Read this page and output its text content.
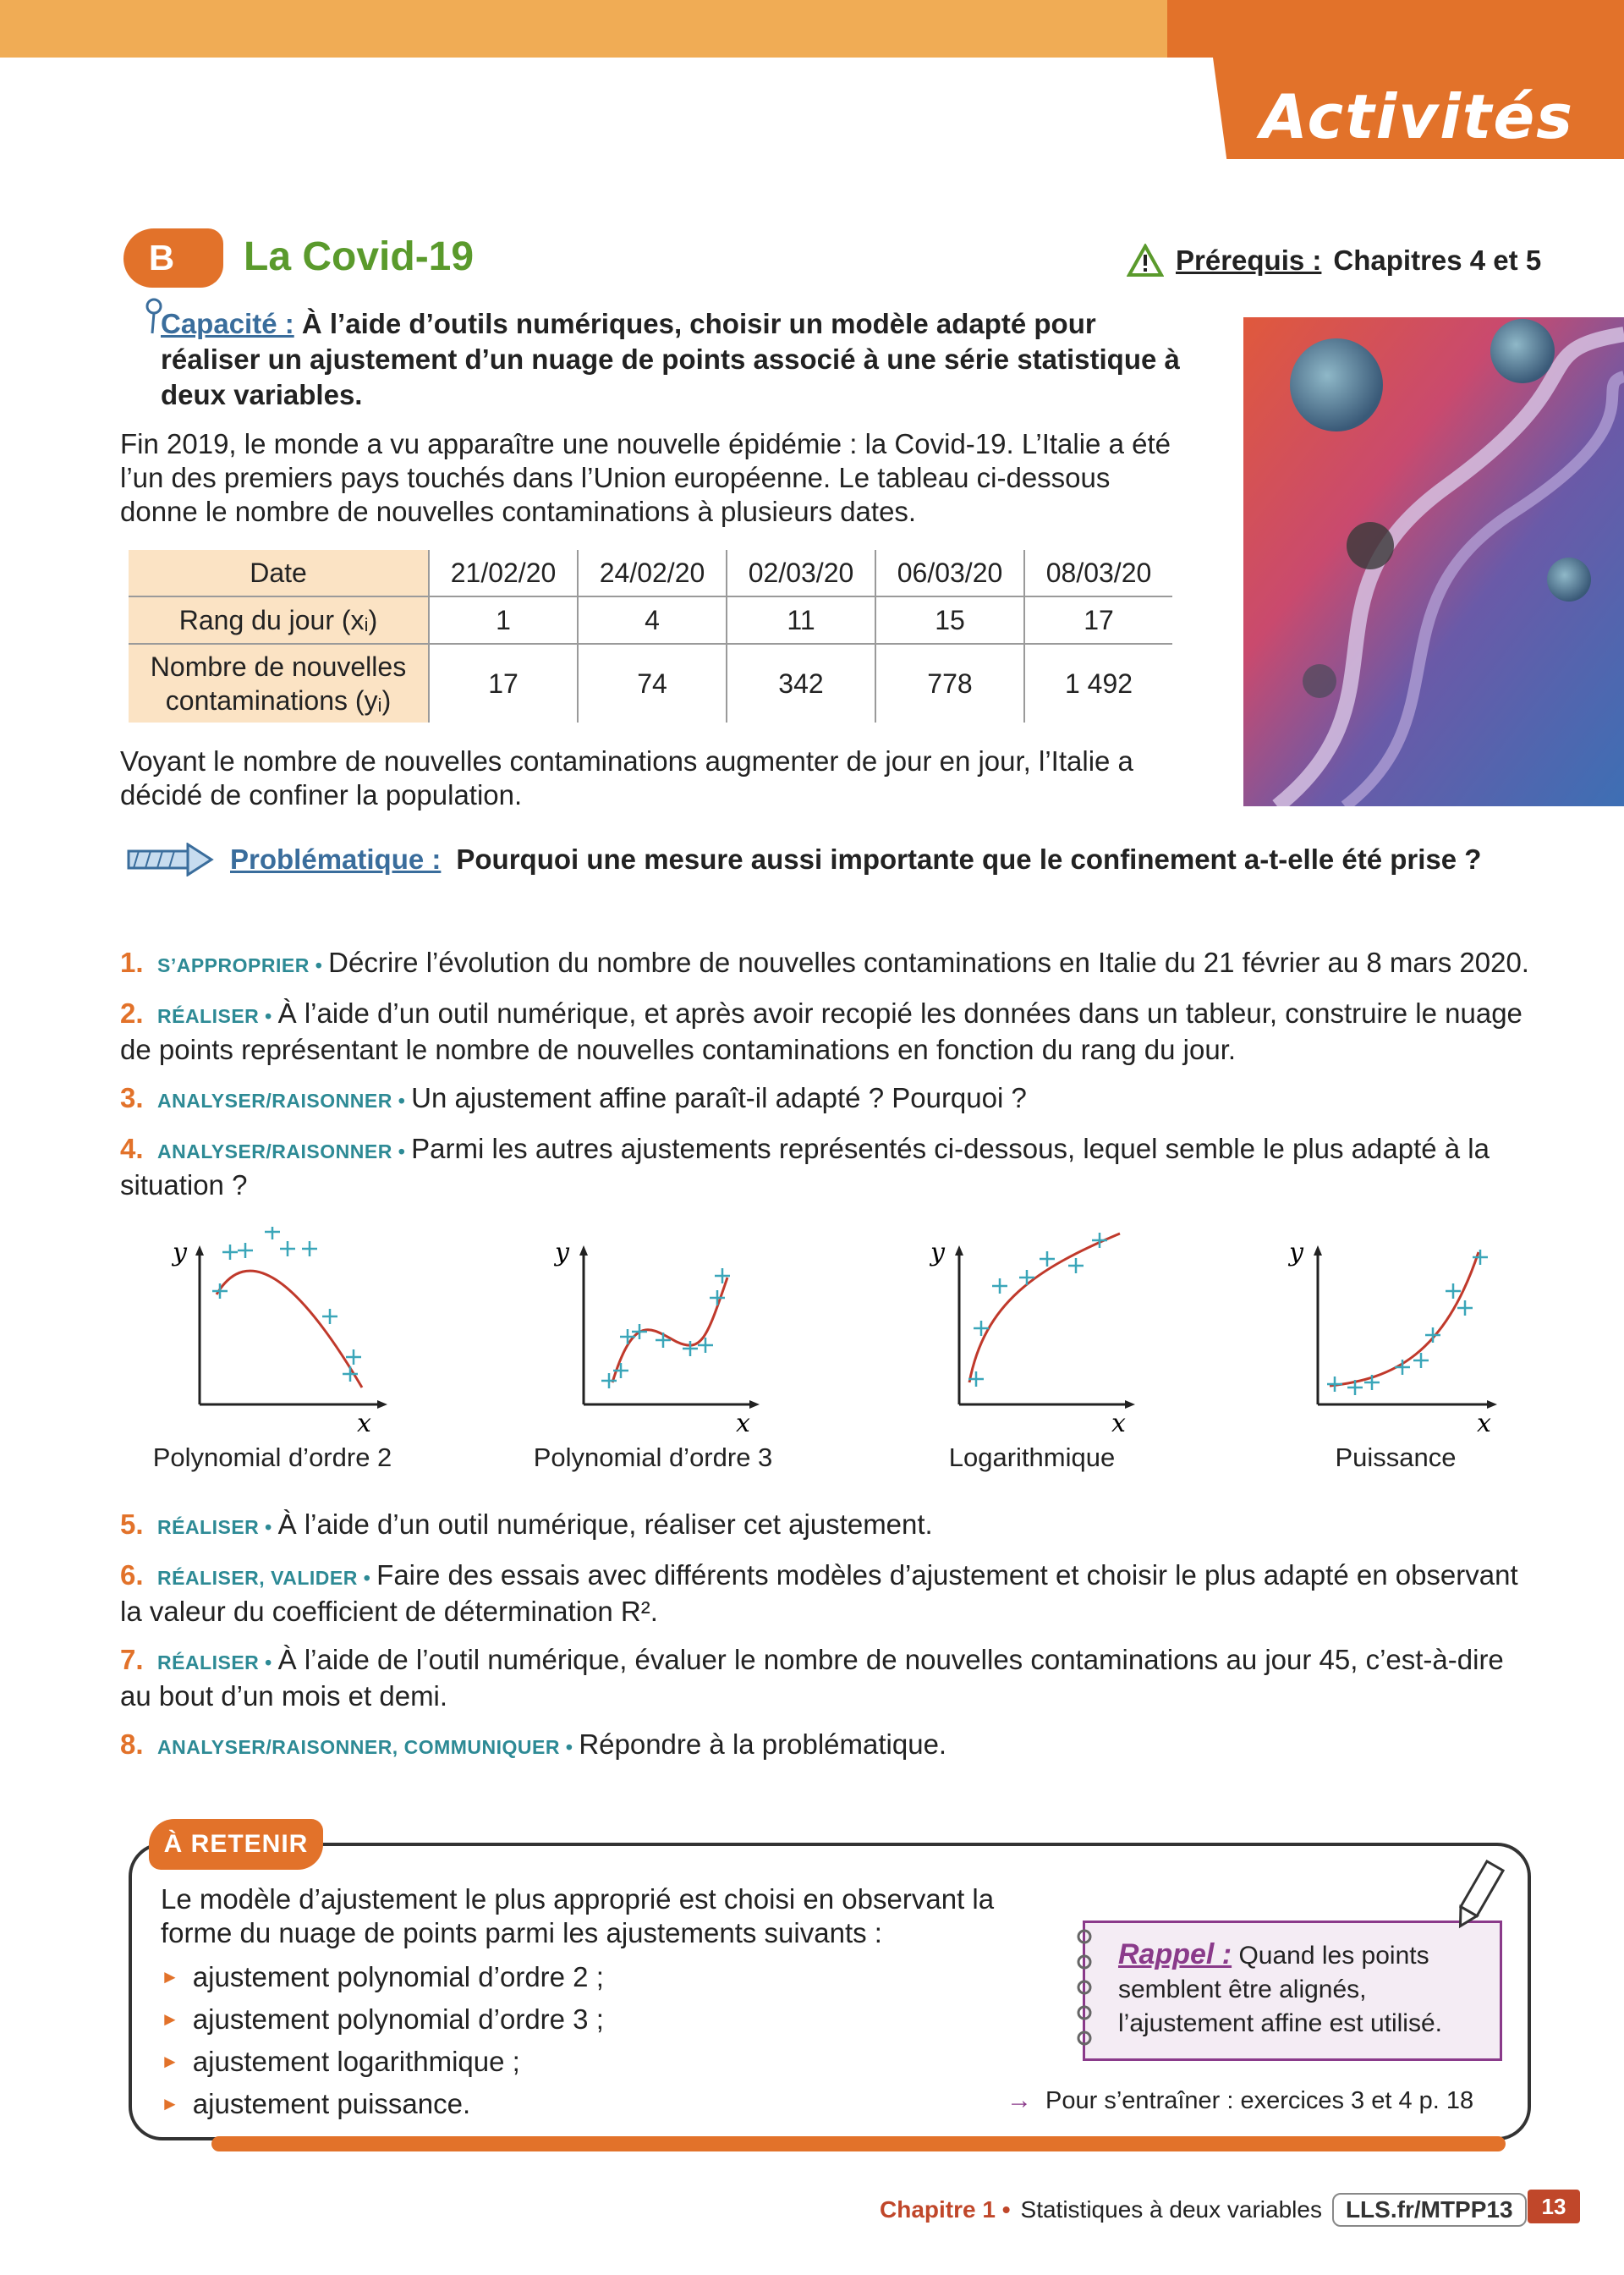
Activités
B	La Covid-19	Prérequis : Chapitres 4 et 5
Capacité : À l’aide d’outils numériques, choisir un modèle adapté pour réaliser un ajustement d’un nuage de points associé à une série statistique à deux variables.
Fin 2019, le monde a vu apparaître une nouvelle épidémie : la Covid-19. L’Italie a été l’un des premiers pays touchés dans l’Union européenne. Le tableau ci-dessous donne le nombre de nouvelles contaminations à plusieurs dates.
Date	21/02/20	24/02/20	02/03/20	06/03/20	08/03/20
Rang du jour (xᵢ)	1	4	11	15	17
Nombre de nouvelles contaminations (yᵢ)	17	74	342	778	1 492
Voyant le nombre de nouvelles contaminations augmenter de jour en jour, l’Italie a décidé de confiner la population.
Problématique : Pourquoi une mesure aussi importante que le confinement a-t-elle été prise ?
1. S’APPROPRIER • Décrire l’évolution du nombre de nouvelles contaminations en Italie du 21 février au 8 mars 2020.
2. RÉALISER • À l’aide d’un outil numérique, et après avoir recopié les données dans un tableur, construire le nuage de points représentant le nombre de nouvelles contaminations en fonction du rang du jour.
3. ANALYSER/RAISONNER • Un ajustement affine paraît-il adapté ? Pourquoi ?
4. ANALYSER/RAISONNER • Parmi les autres ajustements représentés ci-dessous, lequel semble le plus adapté à la situation ?
y
x
Polynomial d’ordre 2
y
x
Polynomial d’ordre 3
y
x
Logarithmique
y
x
Puissance
5. RÉALISER • À l’aide d’un outil numérique, réaliser cet ajustement.
6. RÉALISER, VALIDER • Faire des essais avec différents modèles d’ajustement et choisir le plus adapté en observant la valeur du coefficient de détermination R².
7. RÉALISER • À l’aide de l’outil numérique, évaluer le nombre de nouvelles contaminations au jour 45, c’est-à-dire au bout d’un mois et demi.
8. ANALYSER/RAISONNER, COMMUNIQUER • Répondre à la problématique.
À RETENIR
Le modèle d’ajustement le plus approprié est choisi en observant la forme du nuage de points parmi les ajustements suivants :
► ajustement polynomial d’ordre 2 ;
► ajustement polynomial d’ordre 3 ;
► ajustement logarithmique ;
► ajustement puissance.
Rappel : Quand les points semblent être alignés, l’ajustement affine est utilisé.
→ Pour s’entraîner : exercices 3 et 4 p. 18
Chapitre 1 • Statistiques à deux variables	LLS.fr/MTPP13	13
